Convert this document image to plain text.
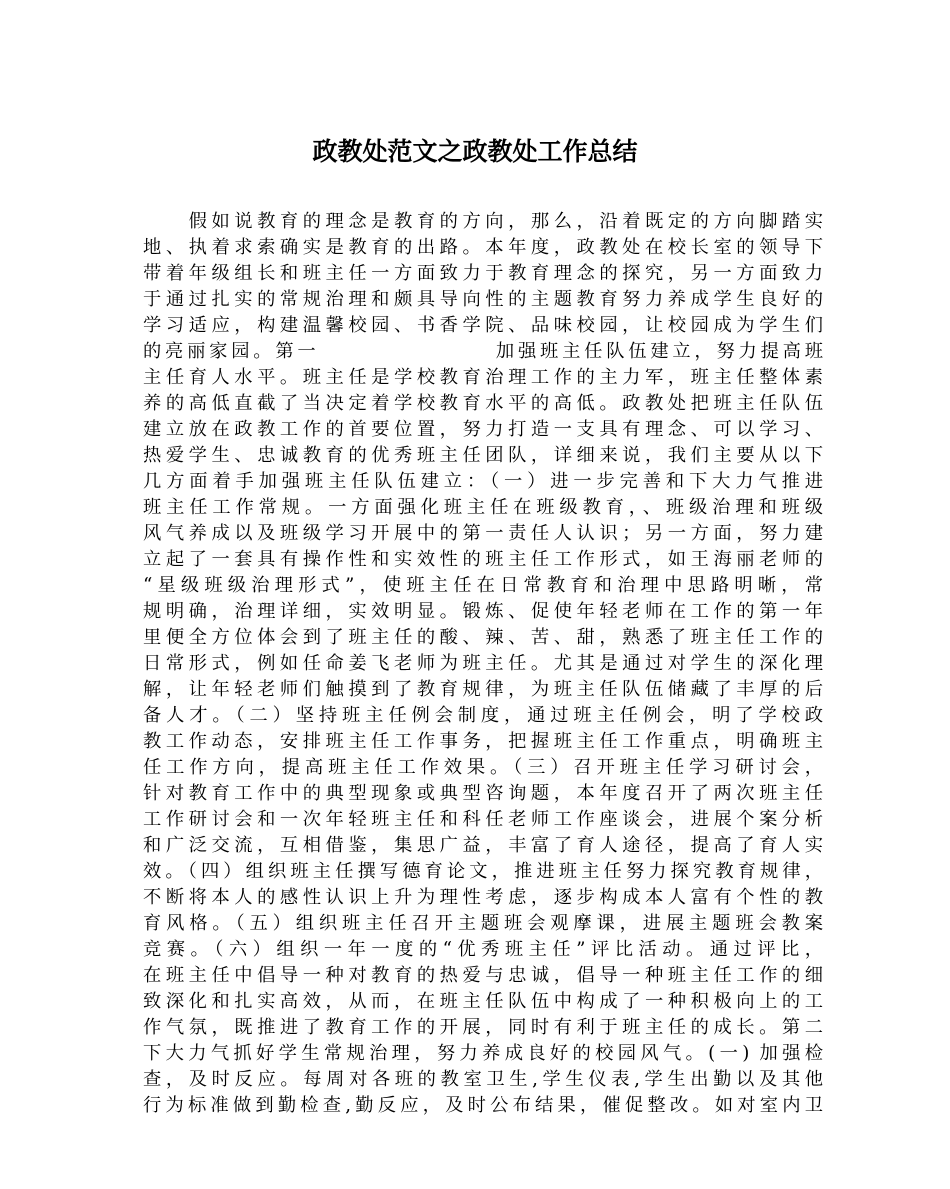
政教处范文之政教处工作总结
　　假如说教育的理念是教育的方向，那么，沿着既定的方向脚踏实
地、执着求索确实是教育的出路。本年度，政教处在校长室的领导下
带着年级组长和班主任一方面致力于教育理念的探究，另一方面致力
于通过扎实的常规治理和颇具导向性的主题教育努力养成学生良好的
学习适应，构建温馨校园、书香学院、品味校园，让校园成为学生们
的亮丽家园。第一　　　　　　　　加强班主任队伍建立，努力提高班
主任育人水平。班主任是学校教育治理工作的主力军，班主任整体素
养的高低直截了当决定着学校教育水平的高低。政教处把班主任队伍
建立放在政教工作的首要位置，努力打造一支具有理念、可以学习、
热爱学生、忠诚教育的优秀班主任团队，详细来说，我们主要从以下
几方面着手加强班主任队伍建立：（一）进一步完善和下大力气推进
班主任工作常规。一方面强化班主任在班级教育，、班级治理和班级
风气养成以及班级学习开展中的第一责任人认识；另一方面，努力建
立起了一套具有操作性和实效性的班主任工作形式，如王海丽老师的
“星级班级治理形式”，使班主任在日常教育和治理中思路明晰，常
规明确，治理详细，实效明显。锻炼、促使年轻老师在工作的第一年
里便全方位体会到了班主任的酸、辣、苦、甜，熟悉了班主任工作的
日常形式，例如任命姜飞老师为班主任。尤其是通过对学生的深化理
解，让年轻老师们触摸到了教育规律，为班主任队伍储藏了丰厚的后
备人才。（二）坚持班主任例会制度，通过班主任例会，明了学校政
教工作动态，安排班主任工作事务，把握班主任工作重点，明确班主
任工作方向，提高班主任工作效果。（三）召开班主任学习研讨会，
针对教育工作中的典型现象或典型咨询题，本年度召开了两次班主任
工作研讨会和一次年轻班主任和科任老师工作座谈会，进展个案分析
和广泛交流，互相借鉴，集思广益，丰富了育人途径，提高了育人实
效。（四）组织班主任撰写德育论文，推进班主任努力探究教育规律，
不断将本人的感性认识上升为理性考虑，逐步构成本人富有个性的教
育风格。（五）组织班主任召开主题班会观摩课，进展主题班会教案
竞赛。（六）组织一年一度的“优秀班主任”评比活动。通过评比，
在班主任中倡导一种对教育的热爱与忠诚，倡导一种班主任工作的细
致深化和扎实高效，从而，在班主任队伍中构成了一种积极向上的工
作气氛，既推进了教育工作的开展，同时有利于班主任的成长。第二
下大力气抓好学生常规治理，努力养成良好的校园风气。(一) 加强检
查，及时反应。每周对各班的教室卫生,学生仪表,学生出勤以及其他
行为标准做到勤检查,勤反应，及时公布结果，催促整改。如对室内卫
